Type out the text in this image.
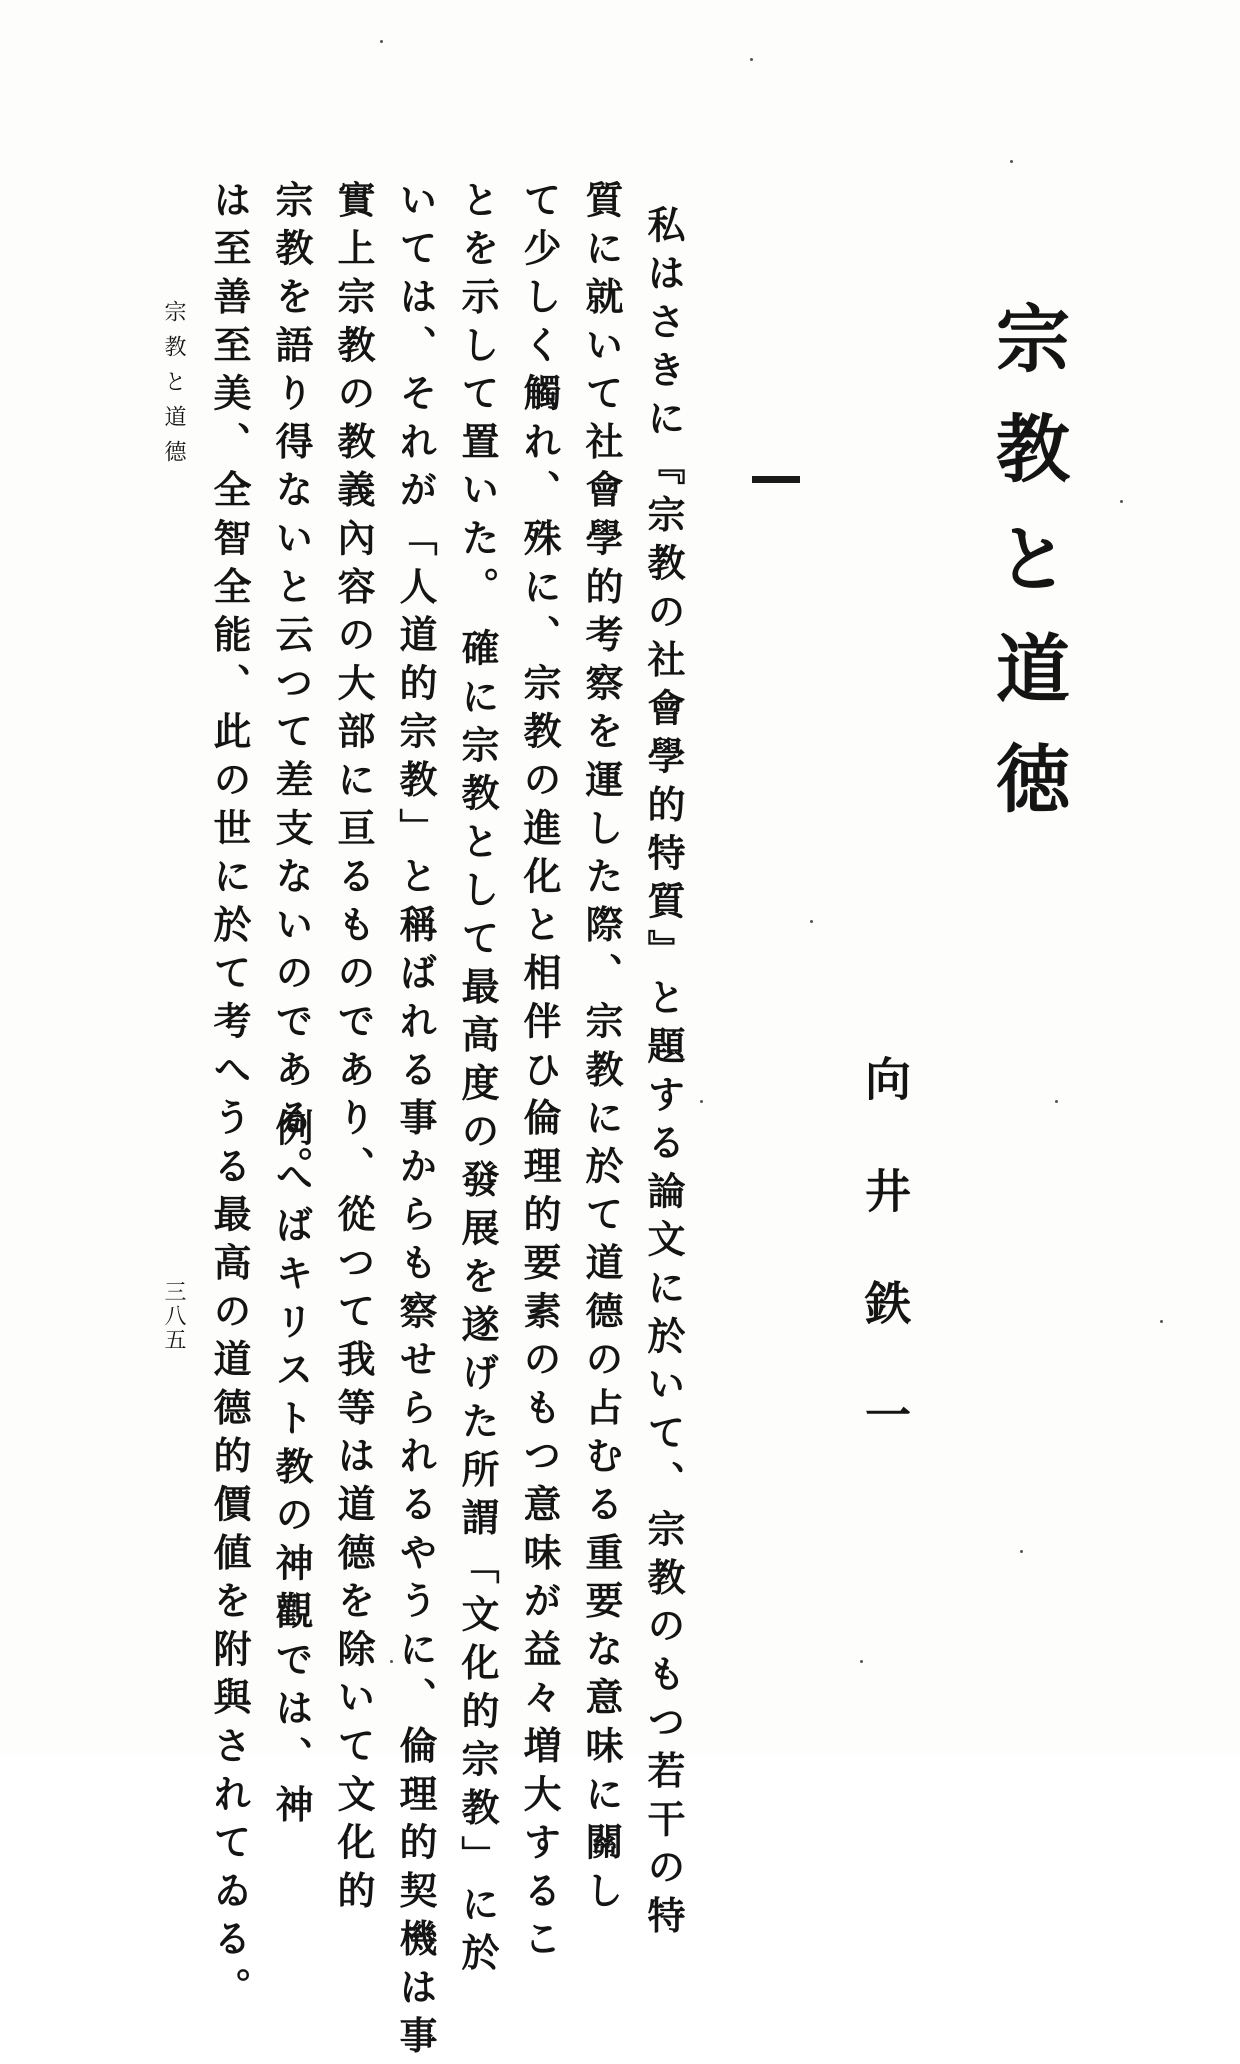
宗教と道徳
向井鉄一
私はさきに『宗教の社會學的特質』と題する論文に於いて、宗教のもつ若干の特
質に就いて社會學的考察を運した際、宗教に於て道德の占むる重要な意味に關し
て少しく觸れ、殊に、宗教の進化と相伴ひ倫理的要素のもつ意味が益々増大するこ
とを示して置いた。
　確に宗教として最高度の發展を遂げた所謂「文化的宗教」に於
いては、それが「人道的宗教」と稱ばれる事からも察せられるやうに、倫理的契機は事
實上宗教の教義內容の大部に亘るものであり、從つて我等は道德を除いて文化的
宗教を語り得ないと云つて差支ないのである。
　例へばキリスト教の神觀では、神
は至善至美、全智全能、此の世に於て考へうる最高の道德的價値を附與されてゐる。
宗教と道德
三八五
